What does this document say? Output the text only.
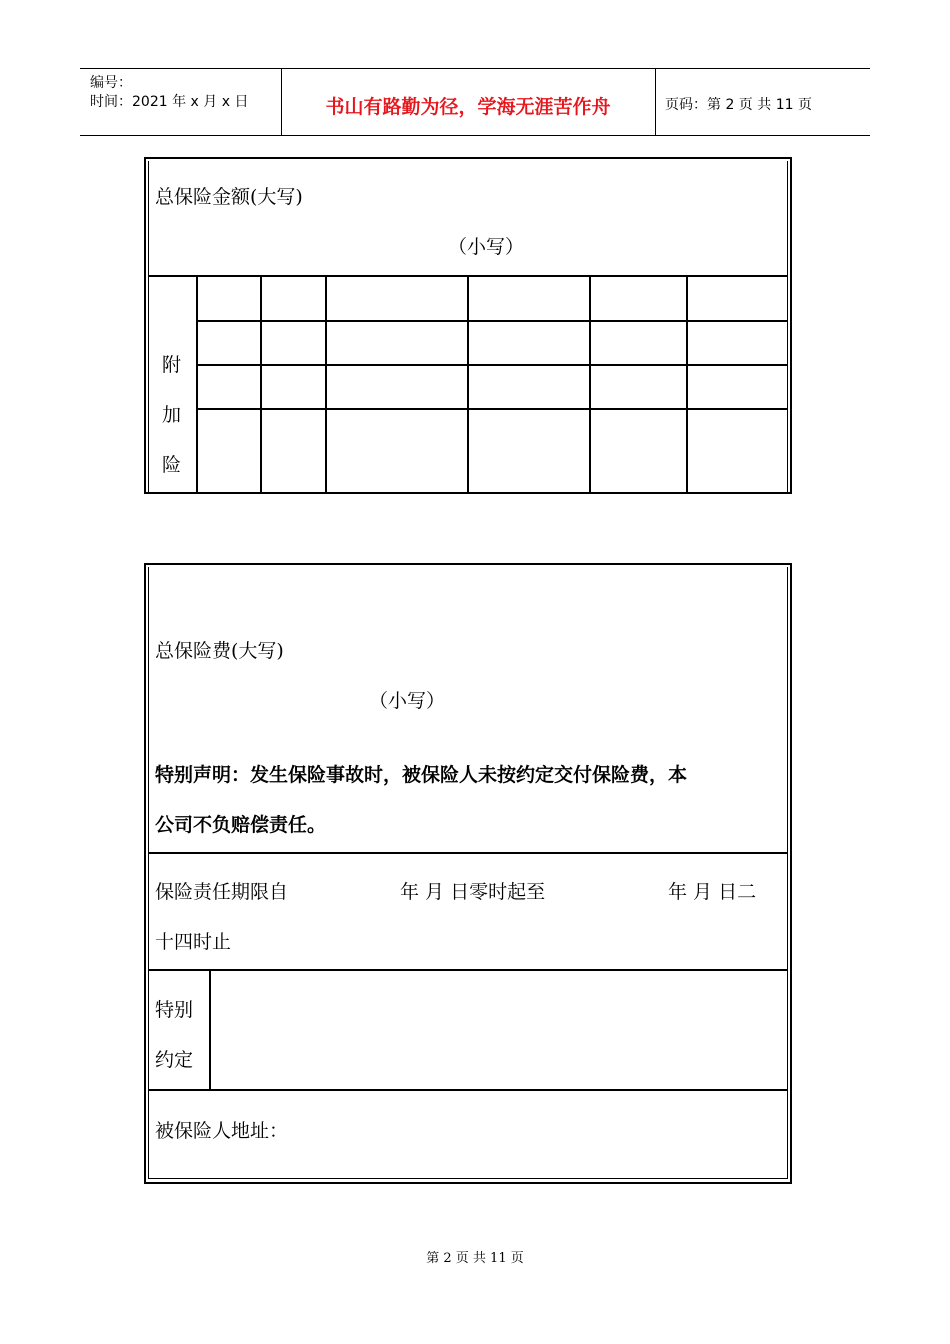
编号：
时间：2021 年 x 月 x 日	书山有路勤为径，学海无涯苦作舟	页码：第 2 页 共 11 页
总保险金额(大写)
（小写）
附
加
险
总保险费(大写)
（小写）
特别声明：发生保险事故时，被保险人未按约定交付保险费，本
公司不负赔偿责任。
保险责任期限自	年 月 日零时起至	年 月 日二
十四时止
特别
约定
被保险人地址：
第 2 页 共 11 页
